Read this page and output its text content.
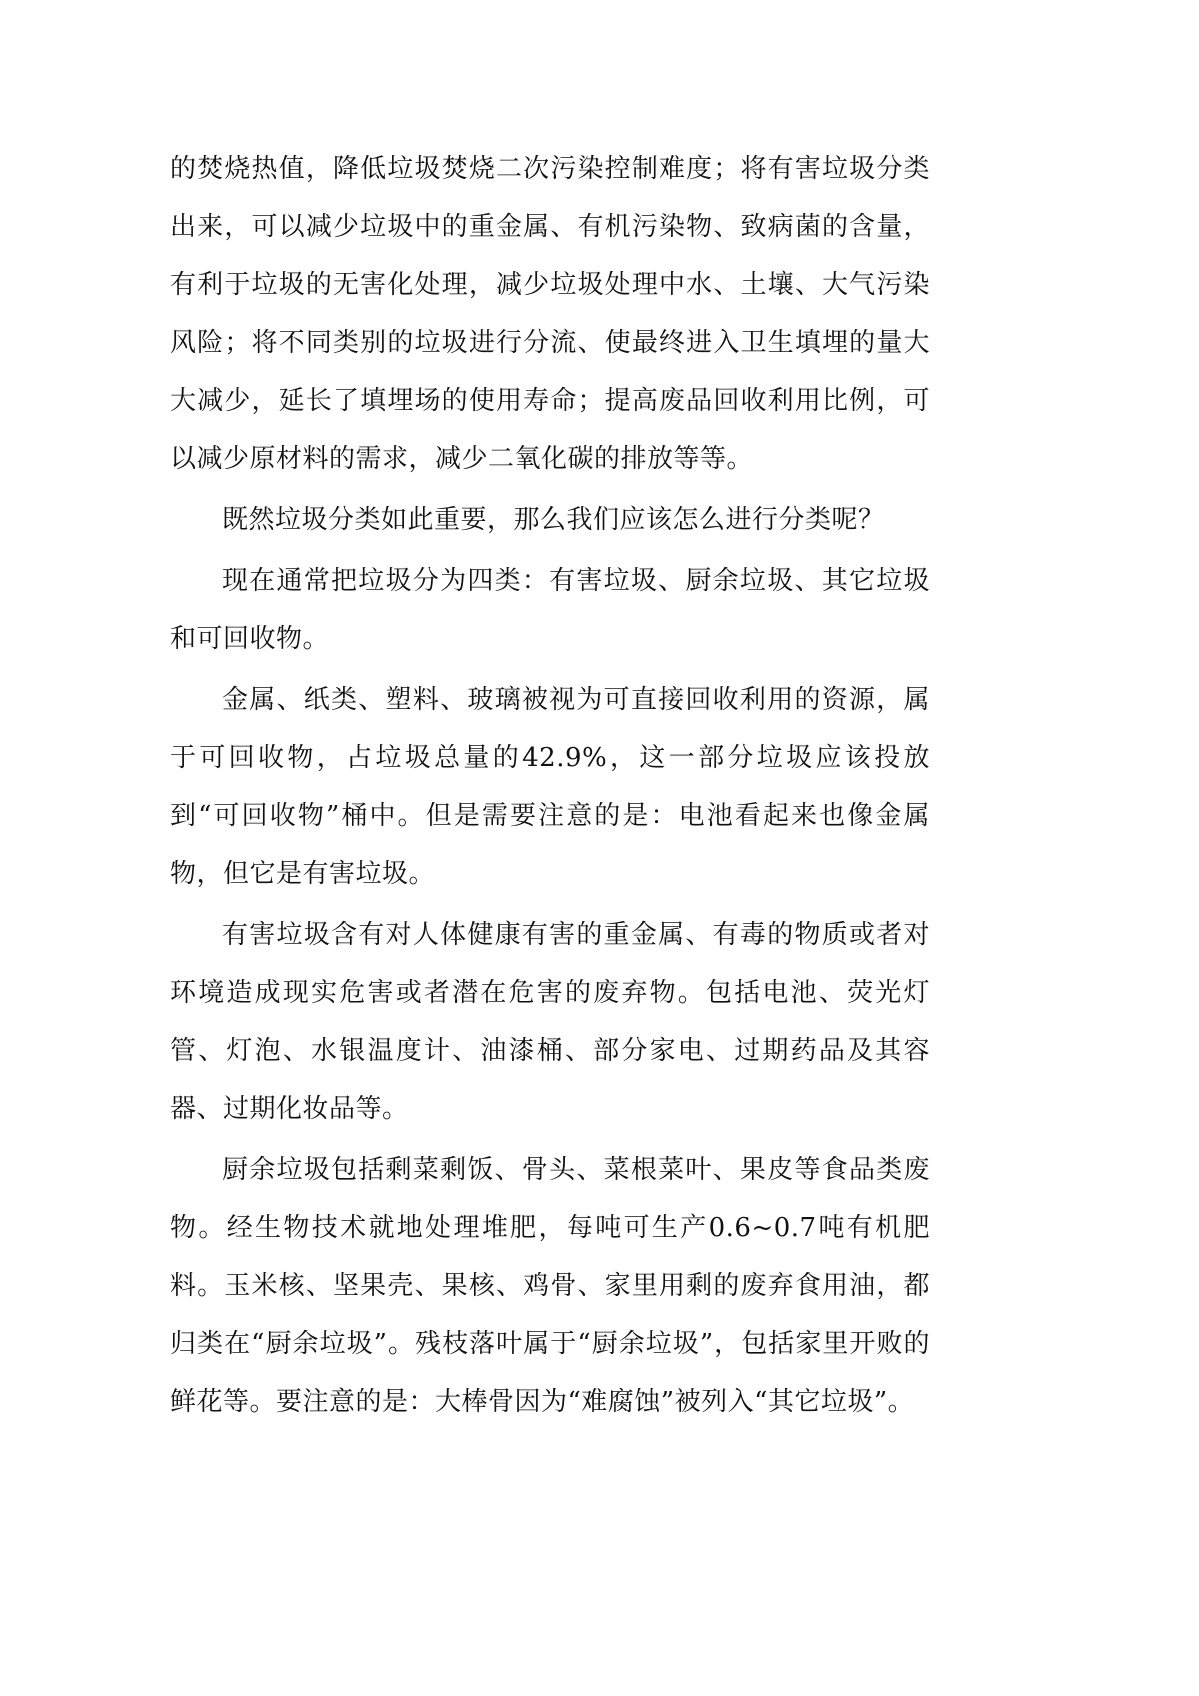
的焚烧热值，降低垃圾焚烧二次污染控制难度；将有害垃圾分类出来，可以减少垃圾中的重金属、有机污染物、致病菌的含量，有利于垃圾的无害化处理，减少垃圾处理中水、土壤、大气污染风险；将不同类别的垃圾进行分流、使最终进入卫生填埋的量大大减少，延长了填埋场的使用寿命；提高废品回收利用比例，可以减少原材料的需求，减少二氧化碳的排放等等。

既然垃圾分类如此重要，那么我们应该怎么进行分类呢？

现在通常把垃圾分为四类：有害垃圾、厨余垃圾、其它垃圾和可回收物。

金属、纸类、塑料、玻璃被视为可直接回收利用的资源，属于可回收物，占垃圾总量的42.9%，这一部分垃圾应该投放到“可回收物”桶中。但是需要注意的是：电池看起来也像金属物，但它是有害垃圾。

有害垃圾含有对人体健康有害的重金属、有毒的物质或者对环境造成现实危害或者潜在危害的废弃物。包括电池、荧光灯管、灯泡、水银温度计、油漆桶、部分家电、过期药品及其容器、过期化妆品等。

厨余垃圾包括剩菜剩饭、骨头、菜根菜叶、果皮等食品类废物。经生物技术就地处理堆肥，每吨可生产0.6~0.7吨有机肥料。玉米核、坚果壳、果核、鸡骨、家里用剩的废弃食用油，都归类在“厨余垃圾”。残枝落叶属于“厨余垃圾”，包括家里开败的鲜花等。要注意的是：大棒骨因为“难腐蚀”被列入“其它垃圾”。
